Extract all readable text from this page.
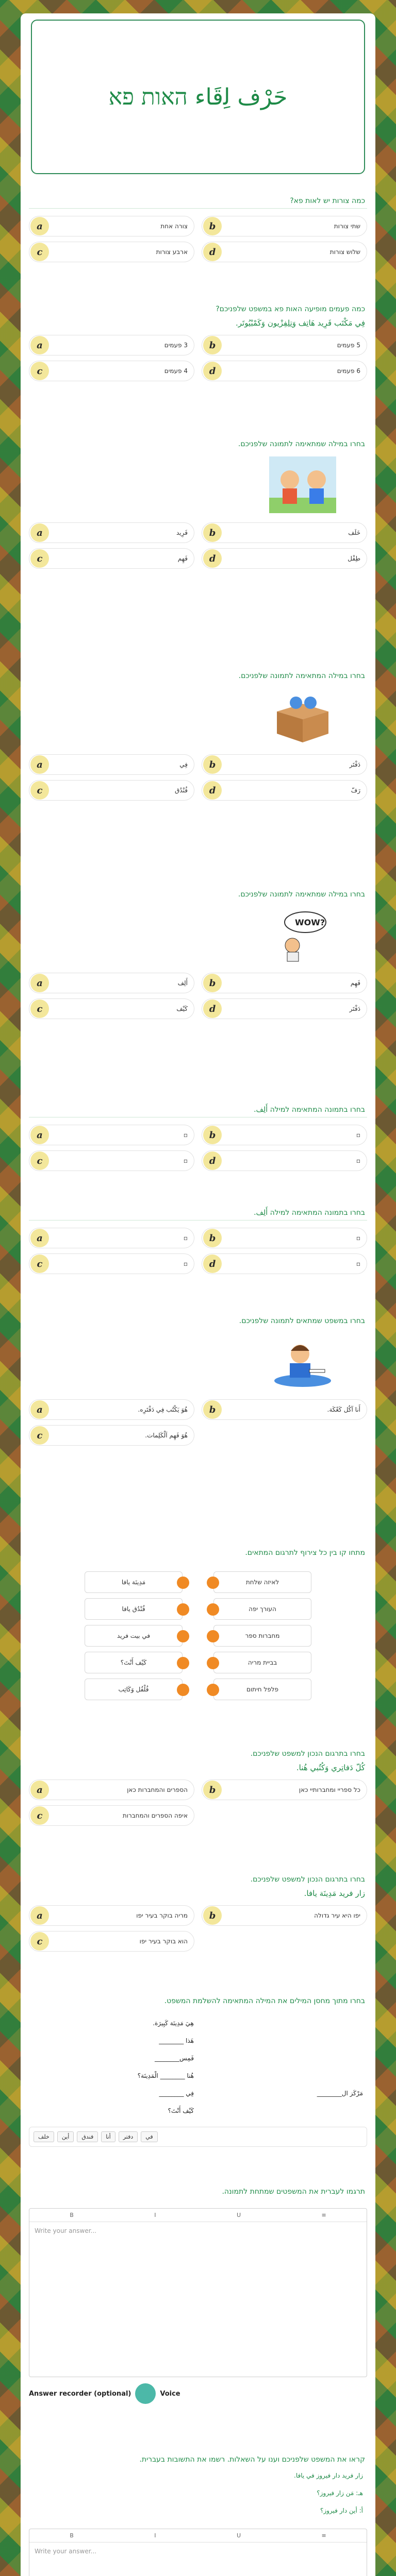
حَرْف ﻟِقَاء האות פא
כמה צורות יש לאות פא?
a	צורה אחת	b	שתי צורות
c	ארבע צורות	d	שלוש צורות
כמה פעמים מופיעה האות פא במשפט שלפניכם?
فِي مَكْتَب فَرِيد هَاتِف وَتِلِفِزْيون وَكَمْبْيُوتَر.
a	3 פעמים	b	5 פעמים
c	4 פעמים	d	6 פעמים
בחרו במילה שמתאימה לתמונה שלפניכם.
a	فَرِيد	b	خَلَف
c	فَهِم	d	طِفْل
בחרו במילה המתאימה לתמונה שלפניכם.
a	فِي	b	دَفْتَر
c	فُنْدُق	d	رَفّ
בחרו במילה שמתאימה לתמונה שלפניכם.
WOW?
a	أَلِف	b	فَهِم
c	كَيْف	d	دَفْتَر
בחרו בתמונה המתאימה למילה أَلِف.
a	▫	b	▫
c	▫	d	▫
בחרו בתמונה המתאימה למילה أَلِف.
a	▫	b	▫
c	▫	d	▫
בחרו במשפט שמתאים לתמונה שלפניכם.
a	هُوَ يَكْتُب فِي دَفْتَرِه.	b	أَنا آكُل كَعْكَة.
c	هُوَ فَهِم اَلْكَلِمات.
מתחו קו בין כל צירוף לתרגום המתאים.
مَدِينَة يافا	לאיזה שלחת
فُنْدُق يافا	העורך יפה
في بيت فريد	מחברות ספר
كَيْف أَنْتَ؟	בביית מריה
فُلْفُل وَكَاتِب	פלפל חיתום
בחרו בתרגום הנכון למשפט שלפניכם.
كُلّ دَفاتِري وَكُتُبي هُنا.
a	הספרים והמחברות כאן	b	כל ספריי ומחברותיי כאן
c	איפה הספרים והמחברות
בחרו בתרגום הנכון למשפט שלפניכם.
زار فريد مَدِينَة يافا.
a	מריה בוקר בעיר יפו	b	יפו היא עיר גדולה
c	הוא בוקר בעיר יפו
בחרו מתוך מחסן המילים את המילה המתאימה להשלמת המשפט.
هِيَ مَدِينَة كَبِيرَة.
هَذا ________
فَمِس________
هُنا ________ الْمَدِينَة؟
فِي ________	مَرْكَز ال________
كَيْف أَنْتَ؟
خلف	أين	فندق	أنا	دفتر	في
תרגמו לעברית את המשפטים שמתחת לתמונה.
B	I	U	≡
Write your answer...
Answer recorder (optional)	Voice
קראו את המשפט שלפניכם וענו על השאלות. רשמו את התשובות בעברית.
زار فريد دار فيروز في يافا.
هـ: مَن زار فيروز؟
أ: أين دار فيروز؟
B	I	U	≡
Write your answer...
